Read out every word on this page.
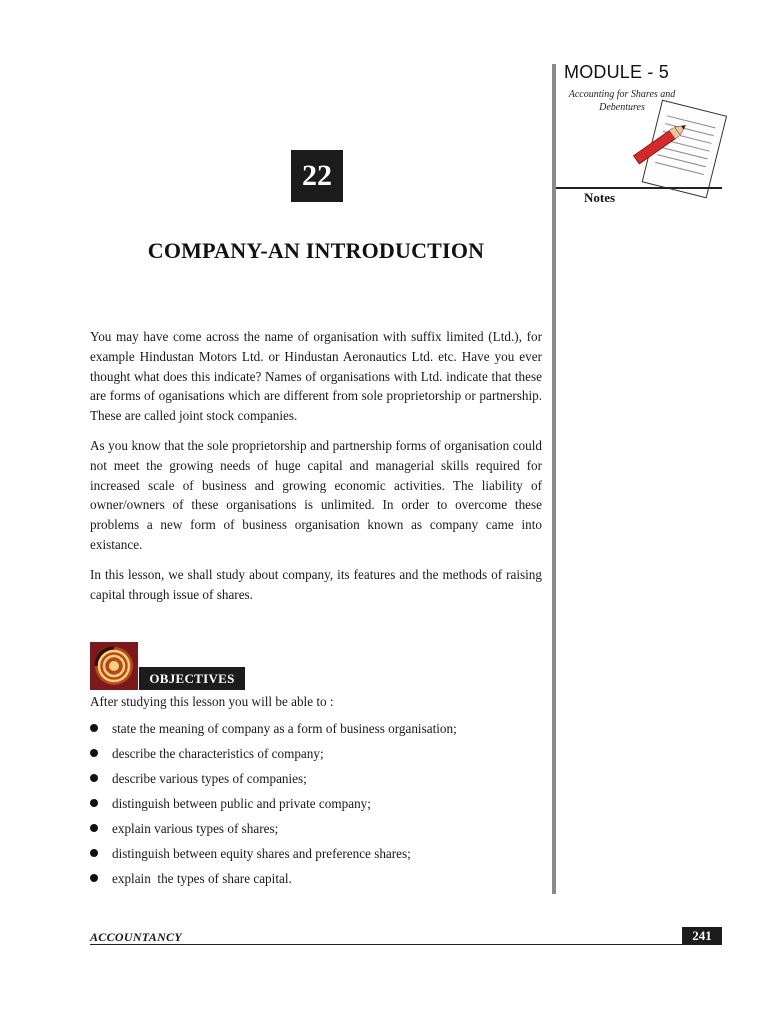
MODULE - 5
Accounting for Shares and Debentures
Notes
22
COMPANY-AN INTRODUCTION

You may have come across the name of organisation with suffix limited (Ltd.), for example Hindustan Motors Ltd. or Hindustan Aeronautics Ltd. etc. Have you ever thought what does this indicate? Names of organisations with Ltd. indicate that these are forms of oganisations which are different from sole proprietorship or partnership. These are called joint stock companies.

As you know that the sole proprietorship and partnership forms of organisation could not meet the growing needs of huge capital and managerial skills required for increased scale of business and growing economic activities. The liability of owner/owners of these organisations is unlimited. In order to overcome these problems a new form of business organisation known as company came into existance.

In this lesson, we shall study about company, its features and the methods of raising capital through issue of shares.

OBJECTIVES
After studying this lesson you will be able to :
state the meaning of company as a form of business organisation;
describe the characteristics of company;
describe various types of companies;
distinguish between public and private company;
explain various types of shares;
distinguish between equity shares and preference shares;
explain  the types of share capital.
ACCOUNTANCY	241
